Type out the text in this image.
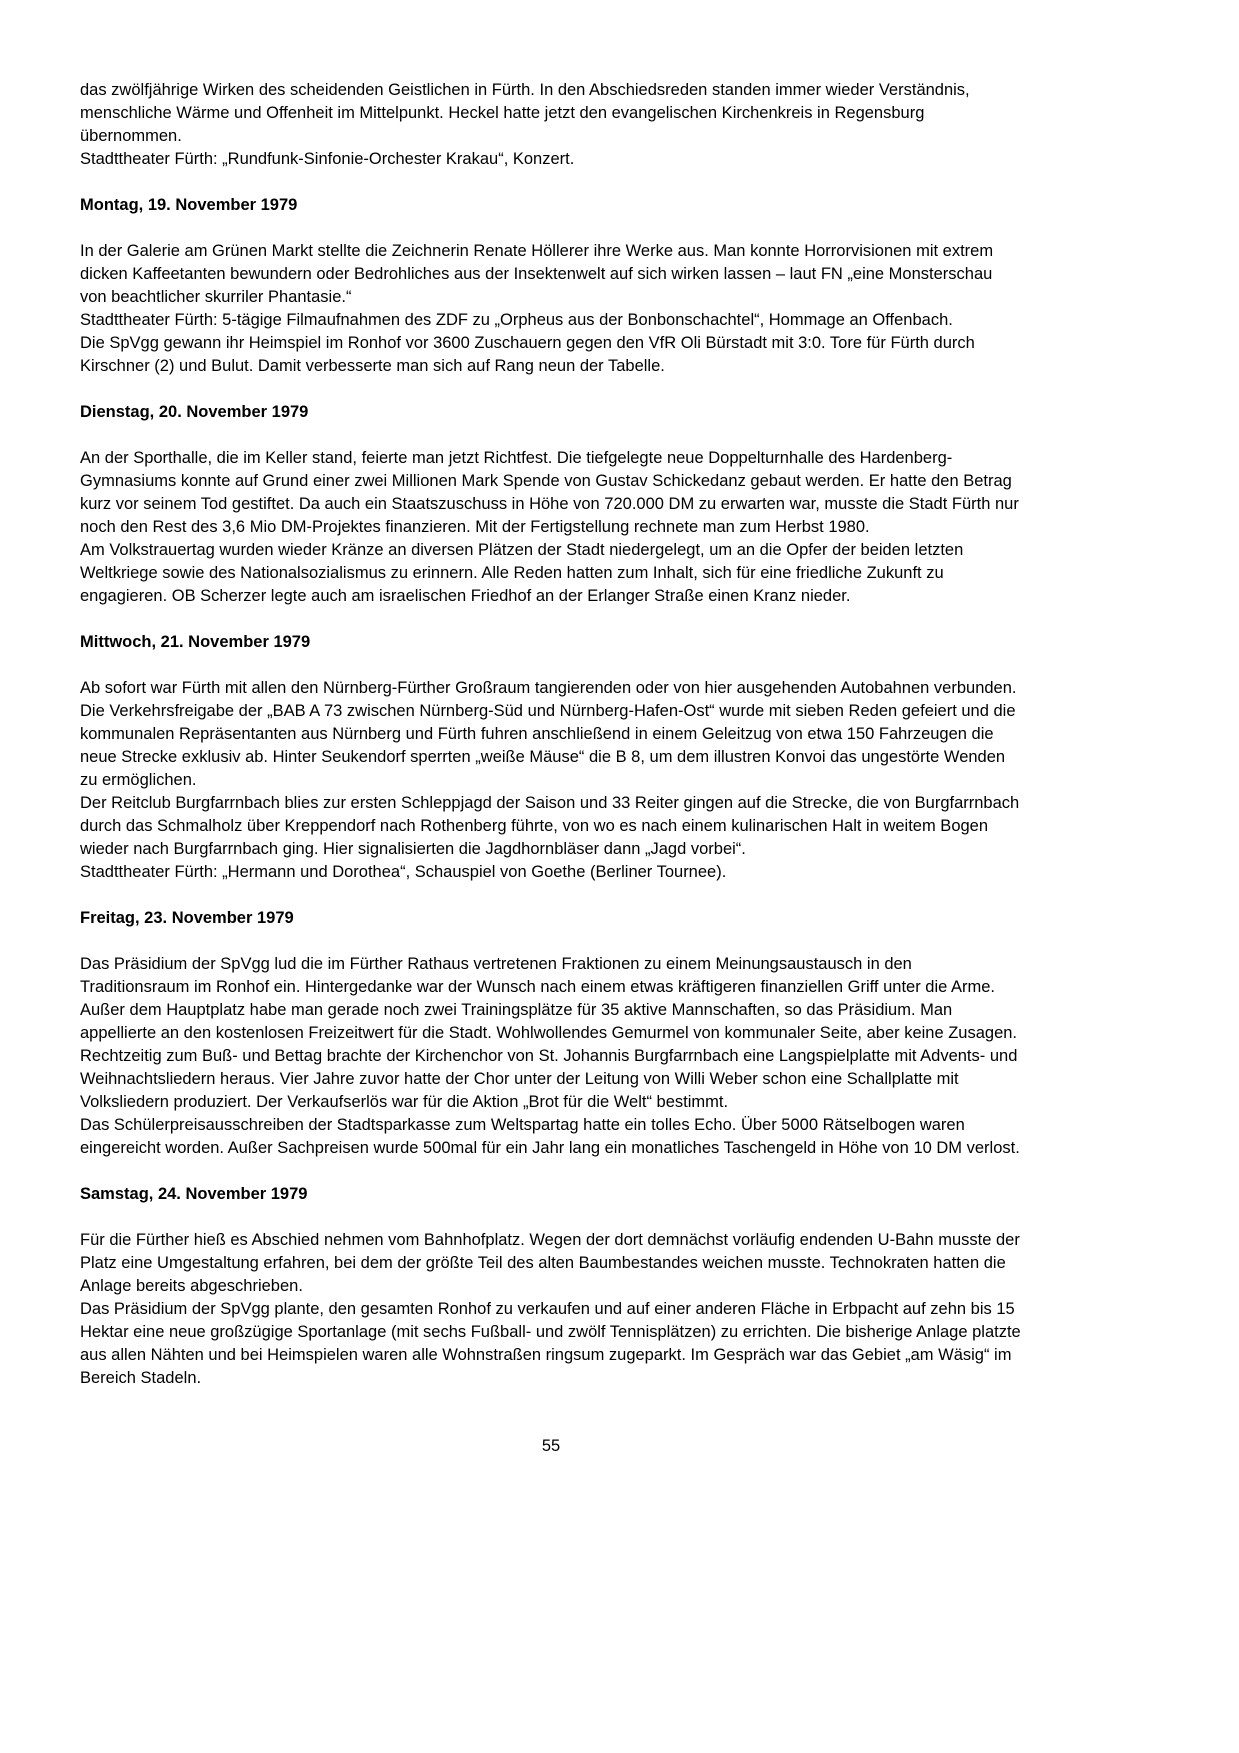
das zwölfjährige Wirken des scheidenden Geistlichen in Fürth. In den Abschiedsreden standen immer wieder Verständnis, menschliche Wärme und Offenheit im Mittelpunkt. Heckel hatte jetzt den evangelischen Kirchenkreis in Regensburg übernommen.

Stadttheater Fürth: „Rundfunk-Sinfonie-Orchester Krakau“, Konzert.

Montag, 19. November 1979

In der Galerie am Grünen Markt stellte die Zeichnerin Renate Höllerer ihre Werke aus. Man konnte Horrorvisionen mit extrem dicken Kaffeetanten bewundern oder Bedrohliches aus der Insektenwelt auf sich wirken lassen – laut FN „eine Monsterschau von beachtlicher skurriler Phantasie.“

Stadttheater Fürth: 5-tägige Filmaufnahmen des ZDF zu „Orpheus aus der Bonbonschachtel“, Hommage an Offenbach.

Die SpVgg gewann ihr Heimspiel im Ronhof vor 3600 Zuschauern gegen den VfR Oli Bürstadt mit 3:0. Tore für Fürth durch Kirschner (2) und Bulut. Damit verbesserte man sich auf Rang neun der Tabelle.

Dienstag, 20. November 1979

An der Sporthalle, die im Keller stand, feierte man jetzt Richtfest. Die tiefgelegte neue Doppelturnhalle des Hardenberg-Gymnasiums konnte auf Grund einer zwei Millionen Mark Spende von Gustav Schickedanz gebaut werden. Er hatte den Betrag kurz vor seinem Tod gestiftet. Da auch ein Staatszuschuss in Höhe von 720.000 DM zu erwarten war, musste die Stadt Fürth nur noch den Rest des 3,6 Mio DM-Projektes finanzieren. Mit der Fertigstellung rechnete man zum Herbst 1980.

Am Volkstrauertag wurden wieder Kränze an diversen Plätzen der Stadt niedergelegt, um an die Opfer der beiden letzten Weltkriege sowie des Nationalsozialismus zu erinnern. Alle Reden hatten zum Inhalt, sich für eine friedliche Zukunft zu engagieren. OB Scherzer legte auch am israelischen Friedhof an der Erlanger Straße einen Kranz nieder.

Mittwoch, 21. November 1979

Ab sofort war Fürth mit allen den Nürnberg-Fürther Großraum tangierenden oder von hier ausgehenden Autobahnen verbunden. Die Verkehrsfreigabe der „BAB A 73 zwischen Nürnberg-Süd und Nürnberg-Hafen-Ost“ wurde mit sieben Reden gefeiert und die kommunalen Repräsentanten aus Nürnberg und Fürth fuhren anschließend in einem Geleitzug von etwa 150 Fahrzeugen die neue Strecke exklusiv ab. Hinter Seukendorf sperrten „weiße Mäuse“ die B 8, um dem illustren Konvoi das ungestörte Wenden zu ermöglichen.

Der Reitclub Burgfarrnbach blies zur ersten Schleppjagd der Saison und 33 Reiter gingen auf die Strecke, die von Burgfarrnbach durch das Schmalholz über Kreppendorf nach Rothenberg führte, von wo es nach einem kulinarischen Halt in weitem Bogen wieder nach Burgfarrnbach ging. Hier signalisierten die Jagdhornbläser dann „Jagd vorbei“.

Stadttheater Fürth: „Hermann und Dorothea“, Schauspiel von Goethe (Berliner Tournee).

Freitag, 23. November 1979

Das Präsidium der SpVgg lud die im Fürther Rathaus vertretenen Fraktionen zu einem Meinungsaustausch in den Traditionsraum im Ronhof ein. Hintergedanke war der Wunsch nach einem etwas kräftigeren finanziellen Griff unter die Arme. Außer dem Hauptplatz habe man gerade noch zwei Trainingsplätze für 35 aktive Mannschaften, so das Präsidium. Man appellierte an den kostenlosen Freizeitwert für die Stadt. Wohlwollendes Gemurmel von kommunaler Seite, aber keine Zusagen.

Rechtzeitig zum Buß- und Bettag brachte der Kirchenchor von St. Johannis Burgfarrnbach eine Langspielplatte mit Advents- und Weihnachtsliedern heraus. Vier Jahre zuvor hatte der Chor unter der Leitung von Willi Weber schon eine Schallplatte mit Volksliedern produziert. Der Verkaufserlös war für die Aktion „Brot für die Welt“ bestimmt.

Das Schülerpreisausschreiben der Stadtsparkasse zum Weltspartag hatte ein tolles Echo. Über 5000 Rätselbogen waren eingereicht worden. Außer Sachpreisen wurde 500mal für ein Jahr lang ein monatliches Taschengeld in Höhe von 10 DM verlost.

Samstag, 24. November 1979

Für die Fürther hieß es Abschied nehmen vom Bahnhofplatz. Wegen der dort demnächst vorläufig endenden U-Bahn musste der Platz eine Umgestaltung erfahren, bei dem der größte Teil des alten Baumbestandes weichen musste. Technokraten hatten die Anlage bereits abgeschrieben.

Das Präsidium der SpVgg plante, den gesamten Ronhof zu verkaufen und auf einer anderen Fläche in Erbpacht auf zehn bis 15 Hektar eine neue großzügige Sportanlage (mit sechs Fußball- und zwölf Tennisplätzen) zu errichten. Die bisherige Anlage platzte aus allen Nähten und bei Heimspielen waren alle Wohnstraßen ringsum zugeparkt. Im Gespräch war das Gebiet „am Wäsig“ im Bereich Stadeln.

55
